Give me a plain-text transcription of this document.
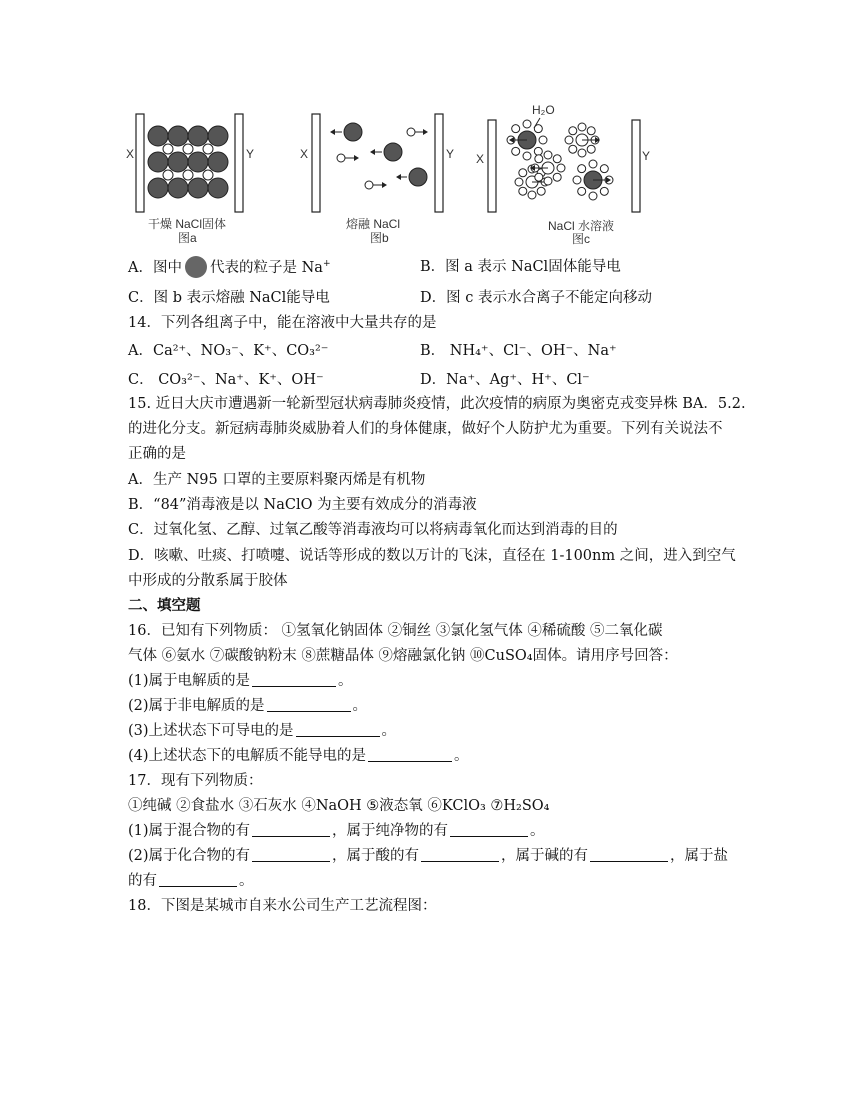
X	Y
干燥 NaCl固体
图a
X	Y
熔融 NaCl
图b
X	Y
H₂O
NaCl 水溶液
图c
A．图中 代表的粒子是 Na+	B．图 a 表示 NaCl固体能导电
C．图 b 表示熔融 NaCl能导电	D．图 c 表示水合离子不能定向移动
14．下列各组离子中，能在溶液中大量共存的是
A．Ca²⁺、NO₃⁻、K⁺、CO₃²⁻	B． NH₄⁺、Cl⁻、OH⁻、Na⁺
C． CO₃²⁻、Na⁺、K⁺、OH⁻	D．Na⁺、Ag⁺、H⁺、Cl⁻
15. 近日大庆市遭遇新一轮新型冠状病毒肺炎疫情，此次疫情的病原为奥密克戎变异株 BA．5.2.
的进化分支。新冠病毒肺炎威胁着人们的身体健康，做好个人防护尤为重要。下列有关说法不
正确的是
A．生产 N95 口罩的主要原料聚丙烯是有机物
B．“84”消毒液是以 NaClO 为主要有效成分的消毒液
C．过氧化氢、乙醇、过氧乙酸等消毒液均可以将病毒氧化而达到消毒的目的
D．咳嗽、吐痰、打喷嚏、说话等形成的数以万计的飞沫，直径在 1-100nm 之间，进入到空气
中形成的分散系属于胶体
二、填空题
16．已知有下列物质： ①氢氧化钠固体 ②铜丝 ③氯化氢气体 ④稀硫酸 ⑤二氧化碳
气体 ⑥氨水 ⑦碳酸钠粉末 ⑧蔗糖晶体 ⑨熔融氯化钠 ⑩CuSO₄固体。请用序号回答：
(1)属于电解质的是	。
(2)属于非电解质的是	。
(3)上述状态下可导电的是	。
(4)上述状态下的电解质不能导电的是	。
17．现有下列物质：
①纯碱 ②食盐水 ③石灰水 ④NaOH ⑤液态氧 ⑥KClO₃ ⑦H₂SO₄
(1)属于混合物的有	，属于纯净物的有	。
(2)属于化合物的有	，属于酸的有	，属于碱的有	，属于盐
的有	。
18．下图是某城市自来水公司生产工艺流程图：
